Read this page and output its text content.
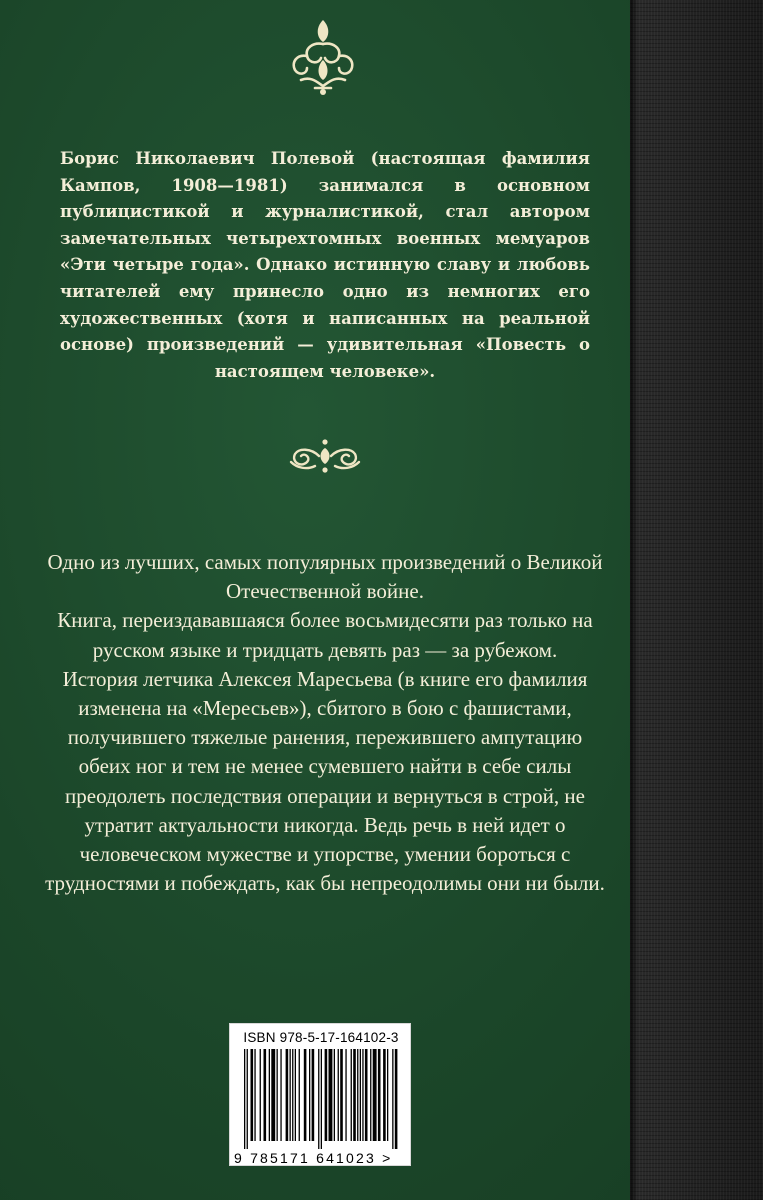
Борис Николаевич Полевой (настоящая фамилия Кампов, 1908—1981) занимался в основном публицистикой и журналистикой, стал автором замечательных четырехтомных военных мемуаров «Эти четыре года». Однако истинную славу и любовь читателей ему принесло одно из немногих его художественных (хотя и написанных на реальной основе) произведений — удивительная «Повесть о настоящем человеке».

Одно из лучших, самых популярных произведений о Великой Отечественной войне.

Книга, переиздававшаяся более восьмидесяти раз только на русском языке и тридцать девять раз — за рубежом.

История летчика Алексея Маресьева (в книге его фамилия изменена на «Мересьев»), сбитого в бою с фашистами, получившего тяжелые ранения, пережившего ампутацию обеих ног и тем не менее сумевшего найти в себе силы преодолеть последствия операции и вернуться в строй, не утратит актуальности никогда. Ведь речь в ней идет о человеческом мужестве и упорстве, умении бороться с трудностями и побеждать, как бы непреодолимы они ни были.

ISBN 978-5-17-164102-3
9 785171 641023 >
